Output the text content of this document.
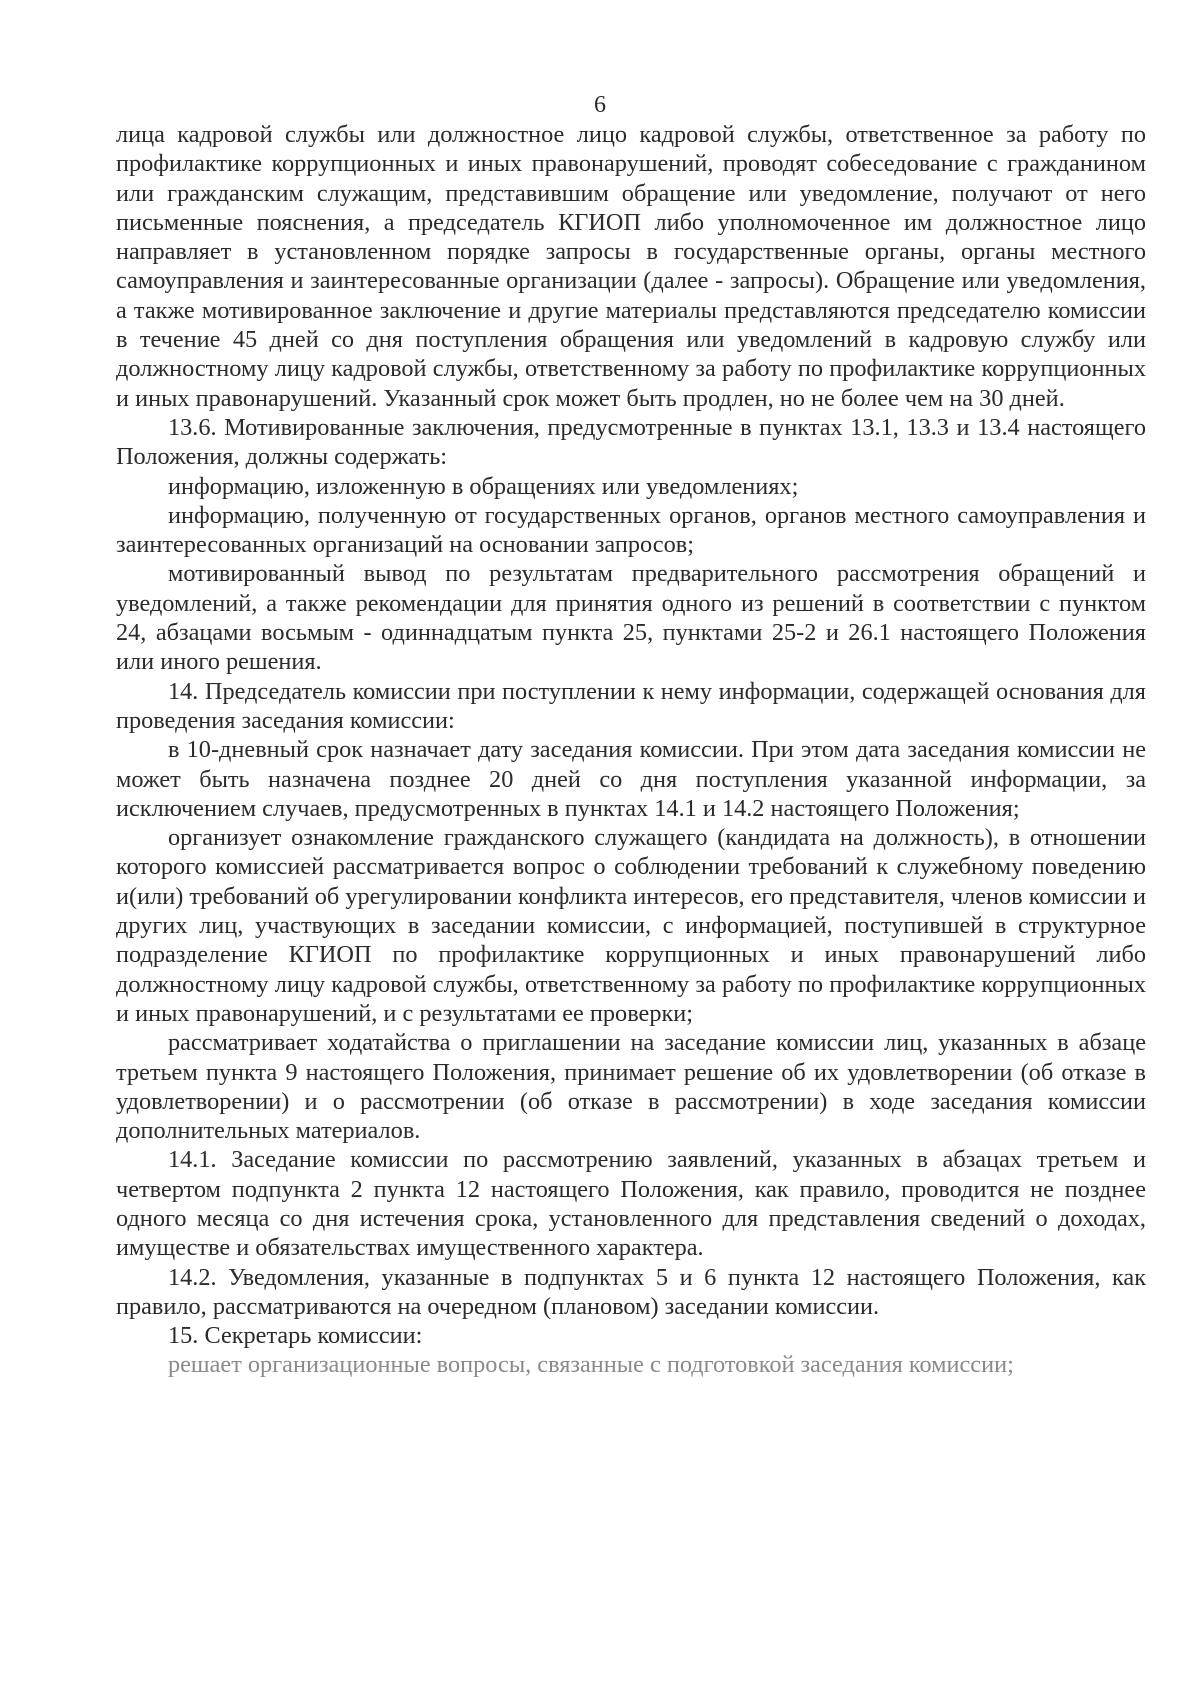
6

лица кадровой службы или должностное лицо кадровой службы, ответственное за работу по профилактике коррупционных и иных правонарушений, проводят собеседование с гражданином или гражданским служащим, представившим обращение или уведомление, получают от него письменные пояснения, а председатель КГИОП либо уполномоченное им должностное лицо направляет в установленном порядке запросы в государственные органы, органы местного самоуправления и заинтересованные организации (далее - запросы). Обращение или уведомления, а также мотивированное заключение и другие материалы представляются председателю комиссии в течение 45 дней со дня поступления обращения или уведомлений в кадровую службу или должностному лицу кадровой службы, ответственному за работу по профилактике коррупционных и иных правонарушений. Указанный срок может быть продлен, но не более чем на 30 дней.

13.6. Мотивированные заключения, предусмотренные в пунктах 13.1, 13.3 и 13.4 настоящего Положения, должны содержать:

информацию, изложенную в обращениях или уведомлениях;

информацию, полученную от государственных органов, органов местного самоуправления и заинтересованных организаций на основании запросов;

мотивированный вывод по результатам предварительного рассмотрения обращений и уведомлений, а также рекомендации для принятия одного из решений в соответствии с пунктом 24, абзацами восьмым - одиннадцатым пункта 25, пунктами 25-2 и 26.1 настоящего Положения или иного решения.

14. Председатель комиссии при поступлении к нему информации, содержащей основания для проведения заседания комиссии:

в 10-дневный срок назначает дату заседания комиссии. При этом дата заседания комиссии не может быть назначена позднее 20 дней со дня поступления указанной информации, за исключением случаев, предусмотренных в пунктах 14.1 и 14.2 настоящего Положения;

организует ознакомление гражданского служащего (кандидата на должность), в отношении которого комиссией рассматривается вопрос о соблюдении требований к служебному поведению и(или) требований об урегулировании конфликта интересов, его представителя, членов комиссии и других лиц, участвующих в заседании комиссии, с информацией, поступившей в структурное подразделение КГИОП по профилактике коррупционных и иных правонарушений либо должностному лицу кадровой службы, ответственному за работу по профилактике коррупционных и иных правонарушений, и с результатами ее проверки;

рассматривает ходатайства о приглашении на заседание комиссии лиц, указанных в абзаце третьем пункта 9 настоящего Положения, принимает решение об их удовлетворении (об отказе в удовлетворении) и о рассмотрении (об отказе в рассмотрении) в ходе заседания комиссии дополнительных материалов.

14.1. Заседание комиссии по рассмотрению заявлений, указанных в абзацах третьем и четвертом подпункта 2 пункта 12 настоящего Положения, как правило, проводится не позднее одного месяца со дня истечения срока, установленного для представления сведений о доходах, имуществе и обязательствах имущественного характера.

14.2. Уведомления, указанные в подпунктах 5 и 6 пункта 12 настоящего Положения, как правило, рассматриваются на очередном (плановом) заседании комиссии.

15. Секретарь комиссии:

решает организационные вопросы, связанные с подготовкой заседания комиссии;
